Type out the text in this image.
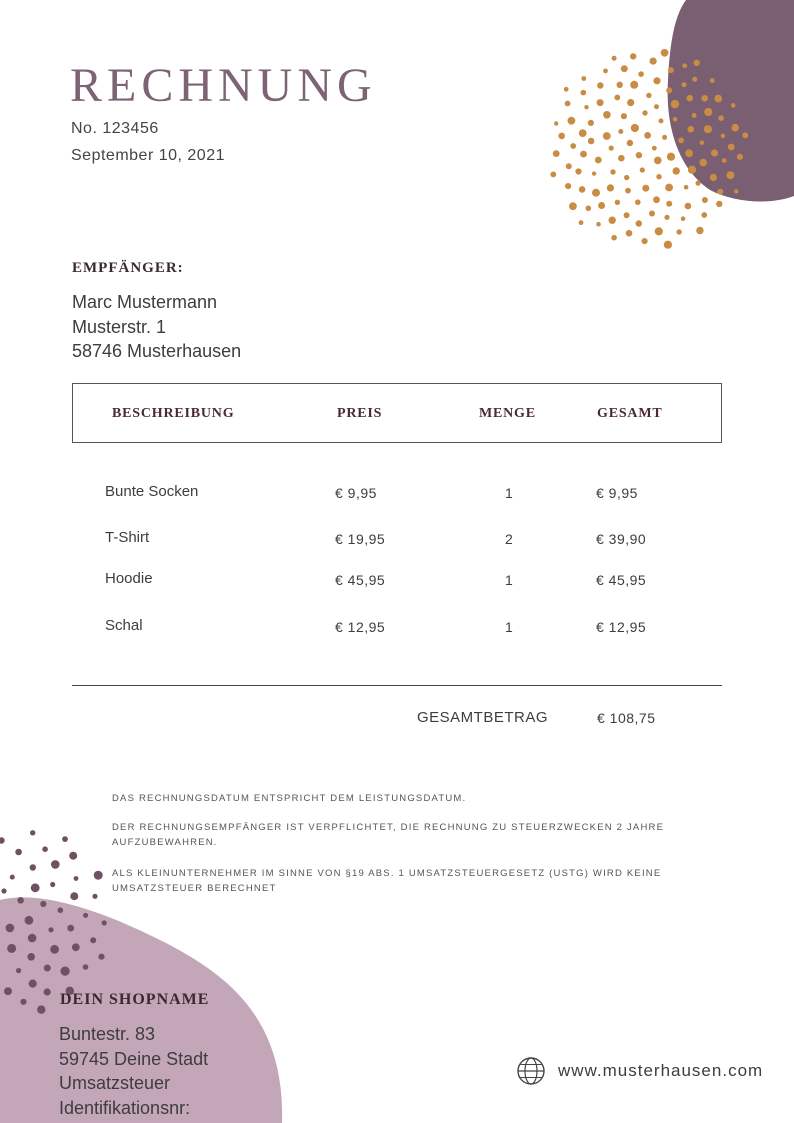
RECHNUNG
No. 123456
September 10, 2021
EMPFÄNGER:
Marc Mustermann
Musterstr. 1
58746 Musterhausen
BESCHREIBUNG	PREIS	MENGE	GESAMT
Bunte Socken	€ 9,95	1	€ 9,95
T-Shirt	€ 19,95	2	€ 39,90
Hoodie	€ 45,95	1	€ 45,95
Schal	€ 12,95	1	€ 12,95
GESAMTBETRAG	€ 108,75
DAS RECHNUNGSDATUM ENTSPRICHT DEM LEISTUNGSDATUM.
DER RECHNUNGSEMPFÄNGER IST VERPFLICHTET, DIE RECHNUNG ZU STEUERZWECKEN 2 JAHRE AUFZUBEWAHREN.
ALS KLEINUNTERNEHMER IM SINNE VON §19 ABS. 1 UMSATZSTEUERGESETZ (USTG) WIRD KEINE UMSATZSTEUER BERECHNET
DEIN SHOPNAME
Buntestr. 83
59745 Deine Stadt
Umsatzsteuer
Identifikationsnr:
www.musterhausen.com
